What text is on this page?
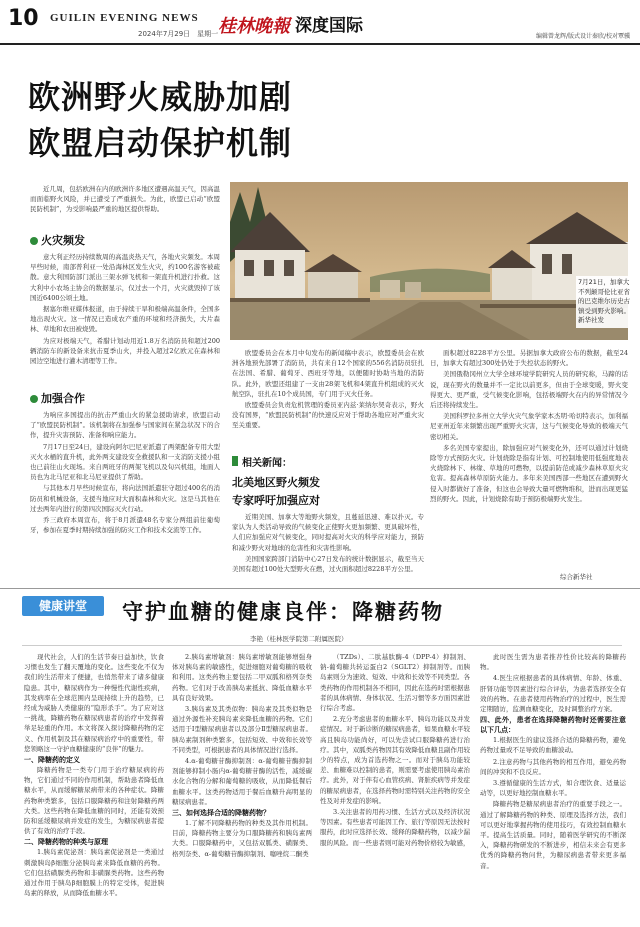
10 GUILIN EVENING NEWS
2024年7月29日　星期一 桂林晚報 深度国际
编辑曾龙辉/版式设计秦欣/校对覃骥
欧洲野火威胁加剧
欧盟启动保护机制

近几周，包括欧洲在内的欧洲许多地区遭遇高温天气，因高温而面临野火风险，并已遭受了严重损失。为此，欧盟已启动“欧盟民防机制”，为受影响最严重的地区提供帮助。

火灾频发

意大利正经历持续数周的高温炎热天气，各地火灾频发。本周早些时候，南部普利亚一处沿海林区发生火灾，约100名游客被疏散。意大利国防部门派出三架水弹飞机和一架直升机进行扑救。这大利中小农场主协会的数据显示，仅过去一个月，火灾就毁掉了该国近6400公顷土地。

据塞尔维亚媒体报道，由于持续干旱和极端高温条件，全国多地出现火灾。这一情况已造成农产重的环境和经济损失，大片森林、草地和农田被烧毁。

为应对极端天气，希腊计划动用近1.8万名消防员和超过200辆消防车的新设备来抗击夏季山火，并投入超过2亿欧元在森林和园边空地进行灌木清理等工作。

加强合作

为响应多国提出的抗击严重山火的紧急援助请求，欧盟启动了“欧盟民防机制”。该机制将在加强参与国家间在紧急状况下的合作，提升灾害预防、准备和响应能力。

7月17日至24日，建设向阿尔巴尼亚派遣了两架配备专用大型灭火水桶的直升机，此外两支建设安全救援队和一支消防支援小组也已前往山火现场。来自两班牙的两架飞机以及旬兴机组，地面人员也为北马尼亚和北马尼亚提供了帮助。

与其他本月早些时候宣布，将向法国派遣驻守超过400名的消防员和机械设备，支援当地应对大面积森林和火灾。这是马其他在过去两年内进行的第四次国际灭火行动。

乔三政府本周宣布，将于8月派遣48名专家分两组前往葡萄牙，参加在夏季时期持续加强的防灾工作和技术交流等工作。

7月21日，加拿大不列颠哥伦比亚省的巴克维尔历史古镇受到野火影响。　新华社发

欧盟委员会在本月中旬发布的新闻稿中表示，欧盟委员会在欧洲各地预先部署了消防员，共有来自12个国家的556名消防员驻扎在法国、希腊、葡萄牙、西班牙等地，以便随时协助当地的消防队。此外，欧盟还组建了一支由28架飞机和4架直升机组成的灭火航空队，驻扎在10个成员国，专门用于灭火任务。

欧盟委员会负责危机管理的委员亚内兹·莱纳尔契奇表示，野火没有国界，“欧盟民防机制”的快速反应对于帮助各地应对严重火灾至关重要。

相关新闻：
北美地区野火频发
专家呼吁加强应对

近期美国、加拿大等地野火频发，且蔓延迅速、难以扑灭。专家认为人类活动导致的气候变化正使野火更加频繁、更具破坏性，人们应加强应对气候变化，同时提高对火灾的科学应对能力，预防和减少野火对地球的危害性和灾害性影响。

美国国家跨部门消防中心27日发布的统计数据显示，截至当天美国有超过100处大型野火在燃，过火面积超过8228平方公里。

面积超过8228平方公里。另据加拿大政府公布的数据，截至24日，加拿大有超过300处仍处于失控状态的野火。

美国俄勒冈州立大学全球环境学院研究人员的研究称，马蹄的话说，现在野火的数量并不一定比以前更多，但由于全球变暖，野火变得更大、更严重，受气候变化影响，包括极端野火在内的异常情况今后还将持续发生。

美国科罗拉多州立大学火灾气象学家本杰明·哈切特表示，加利福尼亚州近年来频繁出现严重野火灾害，这与气候变化导致的极端天气密切相关。

多名美国专家提出，除加强应对气候变化外，还可以通过计划烧除等方式预防火灾。计划烧除是指有计划、可控制地使用低强度地表火烧除林下、林缘、草地的可燃物，以提前防范或减少森林草原火灾危害。提高森林草原防火能力。多年来美国西部一些地区在遭到野火侵入时都做好了准备，但这也会导致大量可燃物堆积，进而出现更猛烈的野火。因此，计划烧除有助于预防极端野火发生。

综合新华社
健康讲堂	守护血糖的健康良伴：降糖药物
李艳（桂林医学院第二附属医院）

现代社会，人们的生活节奏日益加快，饮食习惯也发生了翻天覆地的变化。这些变化不仅为我们的生活带来了便捷，也悄然带来了诸多健康隐患。其中，糖尿病作为一种慢性代谢性疾病，其发病率在全球范围内呈现持续上升的趋势，已经成为威胁人类健康的“隐形杀手”。为了应对这一挑战，降糖药物在糖尿病患者的治疗中发挥着举足轻重的作用。本文将深入探讨降糖药物的定义、作用机制及其在糖尿病治疗中的重要性，带您领略这一守护血糖健康的“良伴”的魅力。

一、降糖药的定义

降糖药物是一类专门用于治疗糖尿病的药物，它们通过不同的作用机制，帮助患者降低血糖水平，从而缓解糖尿病带来的各种症状。降糖药物种类繁多，包括口服降糖药和注射降糖药两大类。这些药物在降低血糖的同时，还能有效预防和延缓糖尿病并发症的发生，为糖尿病患者提供了有效的治疗手段。

二、降糖药物的种类与原理

1.胰岛素促泌剂：胰岛素促泌剂是一类通过刺激胰岛β细胞分泌胰岛素来降低血糖的药物。它们包括磺脲类药物和非磺脲类药物。这些药物通过作用于胰岛β细胞膜上的特定受体，促进胰岛素的释放，从而降低血糖水平。

2.胰岛素增敏剂：胰岛素增敏剂能够增强身体对胰岛素的敏感性，促进细胞对葡萄糖的吸收和利用。这类药物主要包括二甲双胍和格列奈类药物。它们对于改善胰岛素抵抗、降低血糖水平具有良好效果。

3.胰岛素及其类似物：胰岛素及其类似物是通过外源性补充胰岛素来降低血糖的药物。它们适用于Ⅰ型糖尿病患者以及部分Ⅱ型糖尿病患者。胰岛素制剂种类繁多，包括短效、中效和长效等不同类型，可根据患者的具体情况进行选择。

4.α-葡萄糖苷酶抑制剂：α-葡萄糖苷酶抑制剂能够抑制小肠内α-葡萄糖苷酶的活性，减缓碳水化合物的分解和葡萄糖的吸收，从而降低餐后血糖水平。这类药物适用于餐后血糖升高明显的糖尿病患者。

三、如何选择合适的降糖药物？

1.了解不同降糖药物的种类及其作用机制。目前，降糖药物主要分为口服降糖药和胰岛素两大类。口服降糖药中，又包括双胍类、磺脲类、格列奈类、α-葡萄糖苷酶抑制剂、噻唑烷二酮类

（TZDs）、二肽基肽酶-4（DPP-4）抑制剂、钠-葡萄糖共转运蛋白2（SGLT2）抑制剂等。而胰岛素则分为速效、短效、中效和长效等不同类型。各类药物的作用机制各不相同，因此在选药时需根据患者的具体病情、身体状况、生活习惯等多方面因素进行综合考虑。

2.充分考虑患者的血糖水平、胰岛功能以及并发症情况。对于新诊断的糖尿病患者，如果血糖水平较高且胰岛功能尚好，可以先尝试口服降糖药进行治疗。其中，双胍类药物因其有效降低血糖且副作用较少的特点，成为首选药物之一。而对于胰岛功能较差、血糖难以控制的患者，则需要考虑使用胰岛素治疗。此外，对于伴有心血管疾病、肾脏疾病等并发症的糖尿病患者，在选择药物时需特别关注药物的安全性及对并发症的影响。

3.关注患者的用药习惯、生活方式以及经济状况等因素。有些患者可能因工作、旅行等原因无法按时服药，此时应选择长效、缓释的降糖药物，以减少漏服的风险。而一些患者则可能对药物价格较为敏感，

此时医生需为患者推荐性价比较高的降糖药物。

4.医生应根据患者的具体病情、年龄、体重、肝肾功能等因素进行综合评估，为患者选择安全有效的药物。在患者使用药物治疗的过程中，医生需定期随访，监测血糖变化，及时调整治疗方案。

四、此外，患者在选择降糖药物时还需要注意以下几点：

1.根据医生的建议选择合适的降糖药物，避免药物过量或不足导致的血糖波动。

2.注意药物与其他药物的相互作用，避免药物间的冲突和不良反应。

3.遵循健康的生活方式，如合理饮食、适量运动等，以更好地控制血糖水平。

降糖药物是糖尿病患者治疗的重要手段之一。通过了解降糖药物的种类、原理及选择方法，我们可以更好地掌握药物的使用技巧，有效控制血糖水平。提高生活质量。同时，随着医学研究的不断深入，降糖药物研发的不断进步，相信未来会有更多优秀的降糖药物问世，为糖尿病患者带来更多福音。
